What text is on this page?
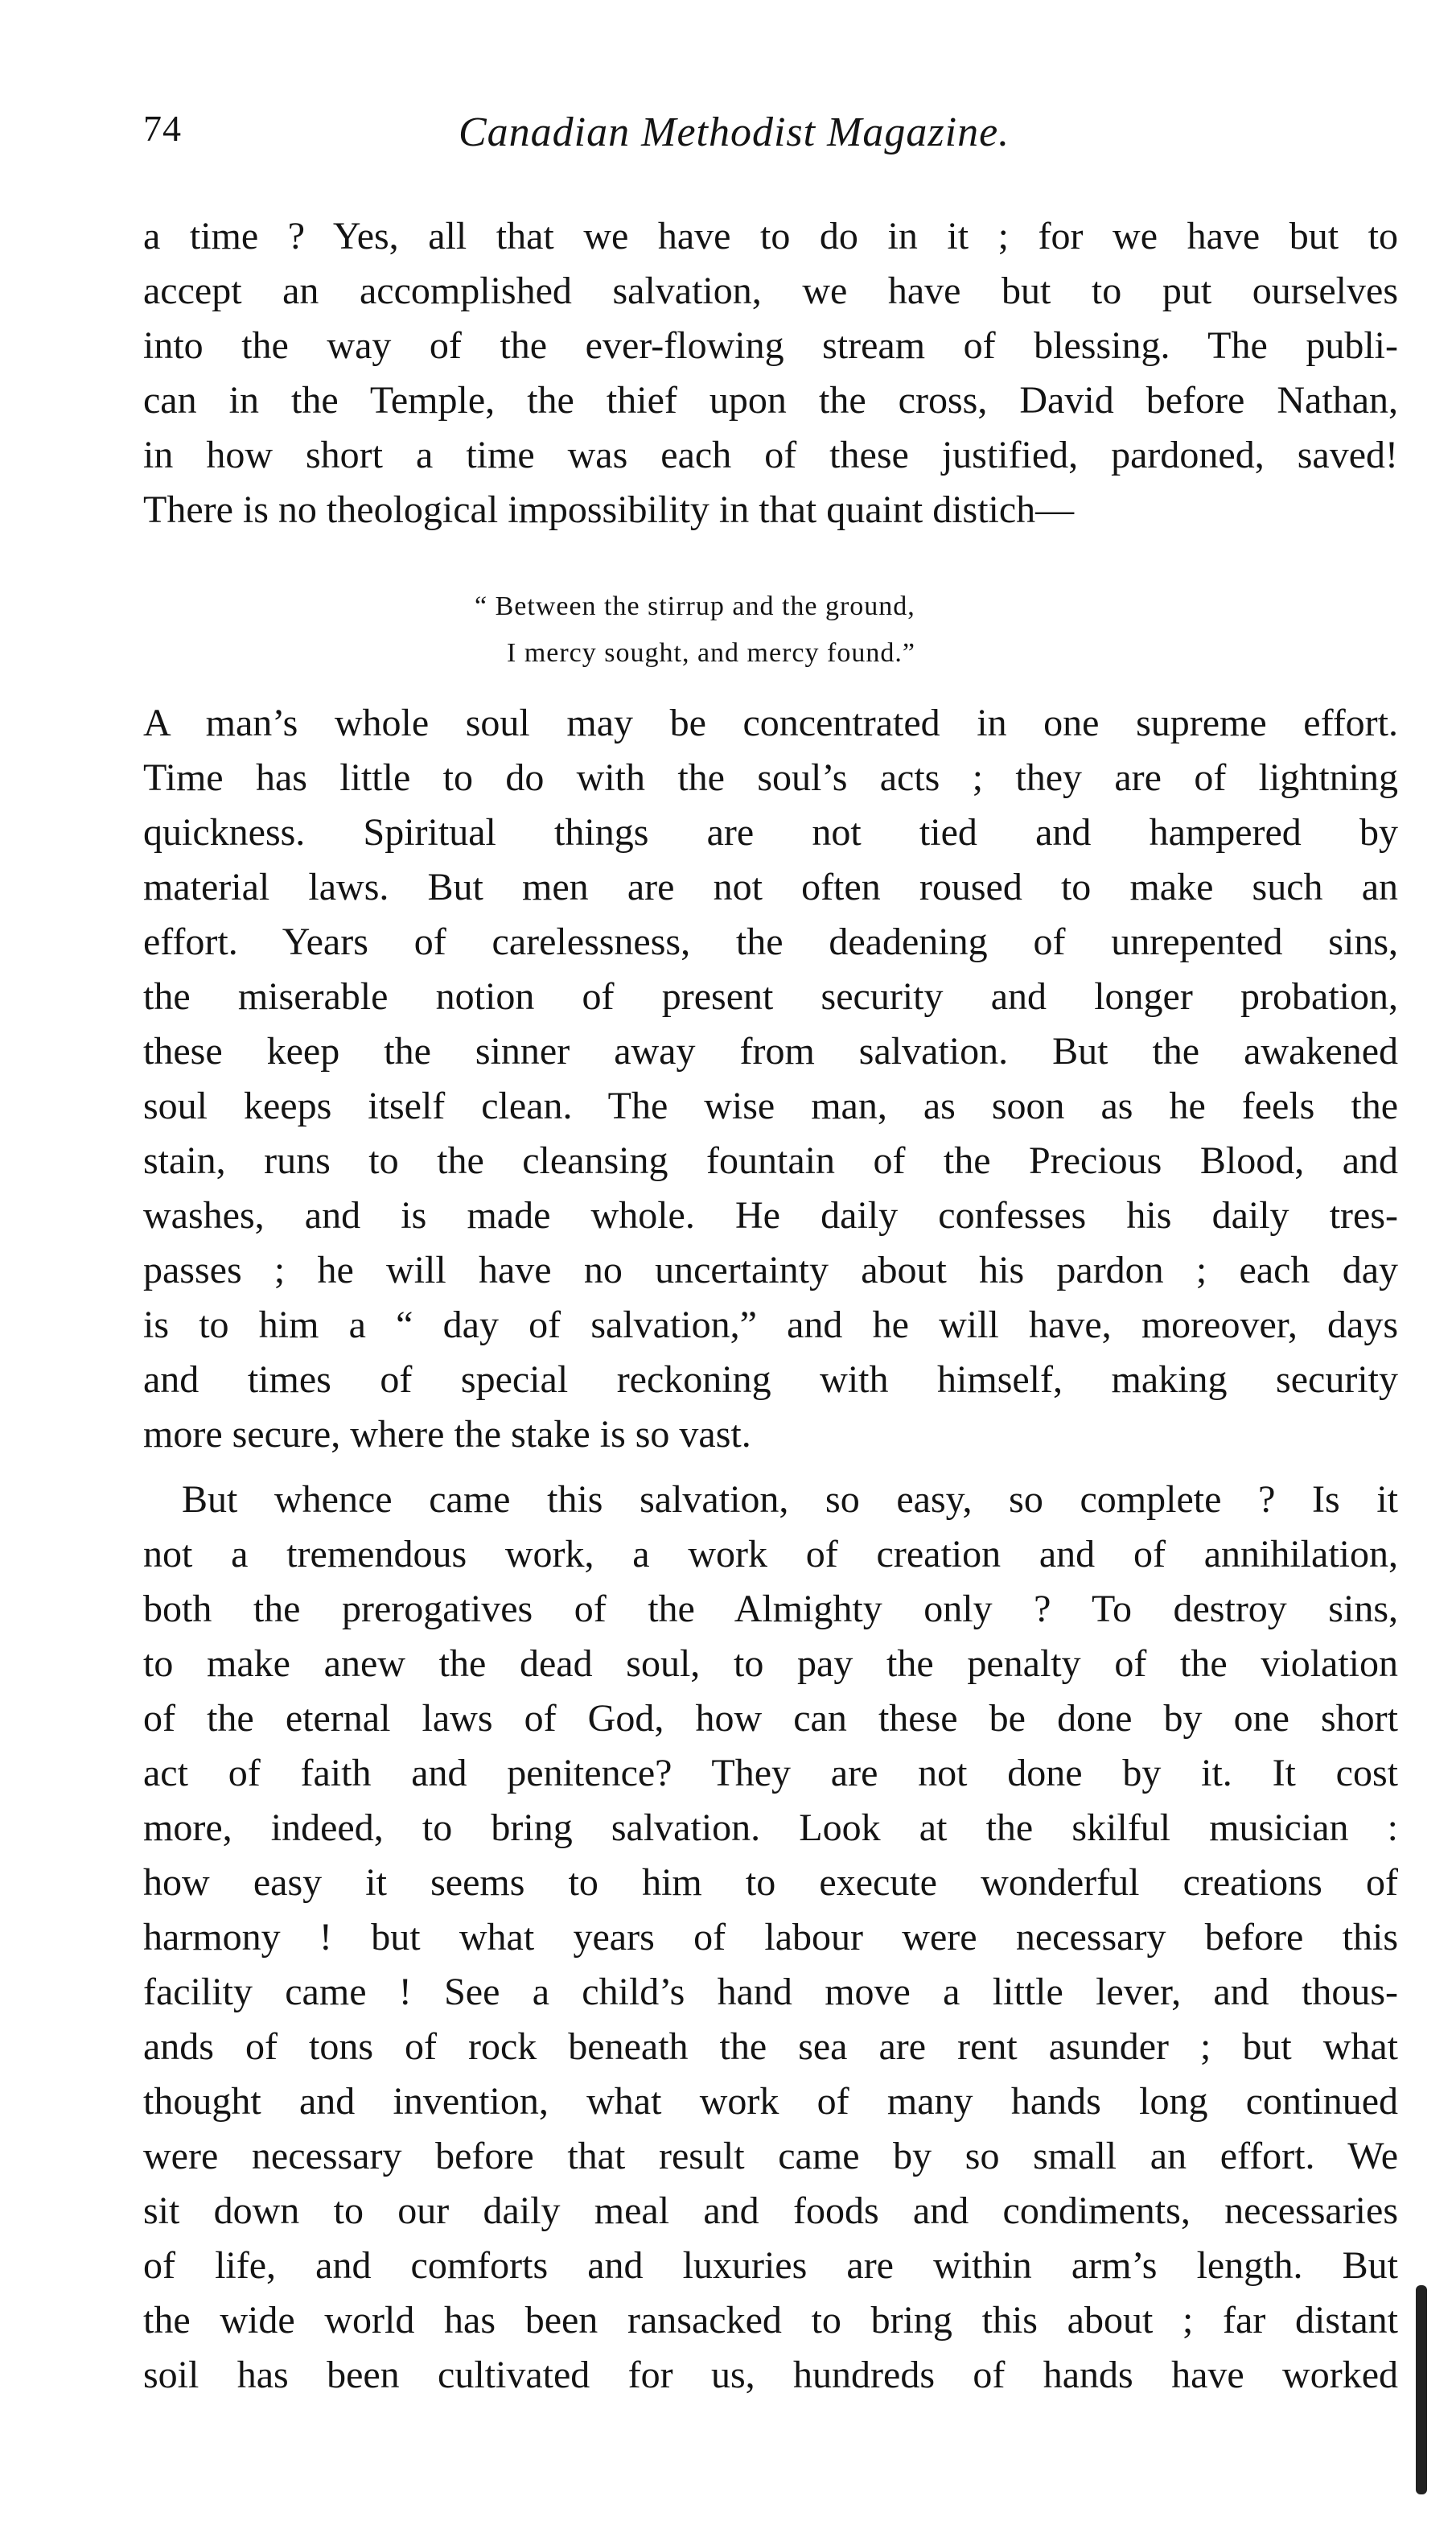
74	Canadian Methodist Magazine.
a time ? Yes, all that we have to do in it ; for we have but to
accept an accomplished salvation, we have but to put ourselves
into the way of the ever-flowing stream of blessing. The publi-
can in the Temple, the thief upon the cross, David before Nathan,
in how short a time was each of these justified, pardoned, saved!
There is no theological impossibility in that quaint distich—
“ Between the stirrup and the ground,
I mercy sought, and mercy found.”
A man’s whole soul may be concentrated in one supreme effort.
Time has little to do with the soul’s acts ; they are of lightning
quickness. Spiritual things are not tied and hampered by
material laws. But men are not often roused to make such an
effort. Years of carelessness, the deadening of unrepented sins,
the miserable notion of present security and longer probation,
these keep the sinner away from salvation. But the awakened
soul keeps itself clean. The wise man, as soon as he feels the
stain, runs to the cleansing fountain of the Precious Blood, and
washes, and is made whole. He daily confesses his daily tres-
passes ; he will have no uncertainty about his pardon ; each day
is to him a “ day of salvation,” and he will have, moreover, days
and times of special reckoning with himself, making security
more secure, where the stake is so vast.
But whence came this salvation, so easy, so complete ? Is it
not a tremendous work, a work of creation and of annihilation,
both the prerogatives of the Almighty only ? To destroy sins,
to make anew the dead soul, to pay the penalty of the violation
of the eternal laws of God, how can these be done by one short
act of faith and penitence? They are not done by it. It cost
more, indeed, to bring salvation. Look at the skilful musician :
how easy it seems to him to execute wonderful creations of
harmony ! but what years of labour were necessary before this
facility came ! See a child’s hand move a little lever, and thous-
ands of tons of rock beneath the sea are rent asunder ; but what
thought and invention, what work of many hands long continued
were necessary before that result came by so small an effort. We
sit down to our daily meal and foods and condiments, necessaries
of life, and comforts and luxuries are within arm’s length. But
the wide world has been ransacked to bring this about ; far distant
soil has been cultivated for us, hundreds of hands have worked
